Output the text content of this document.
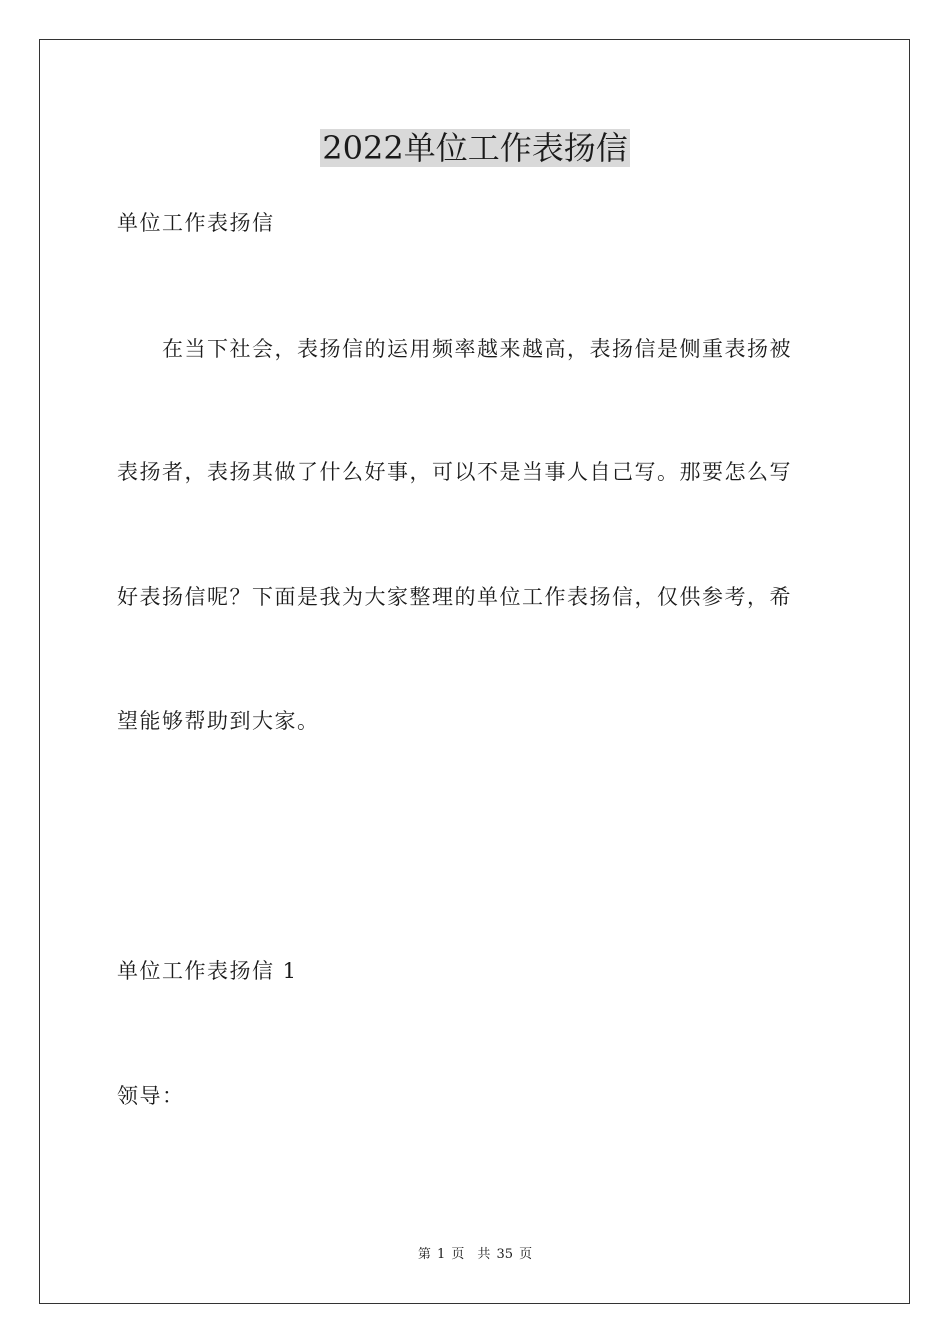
2022单位工作表扬信
单位工作表扬信
　　在当下社会，表扬信的运用频率越来越高，表扬信是侧重表扬被
表扬者，表扬其做了什么好事，可以不是当事人自己写。那要怎么写
好表扬信呢？下面是我为大家整理的单位工作表扬信，仅供参考，希
望能够帮助到大家。
单位工作表扬信 1
领导：
第 1 页　共 35 页
